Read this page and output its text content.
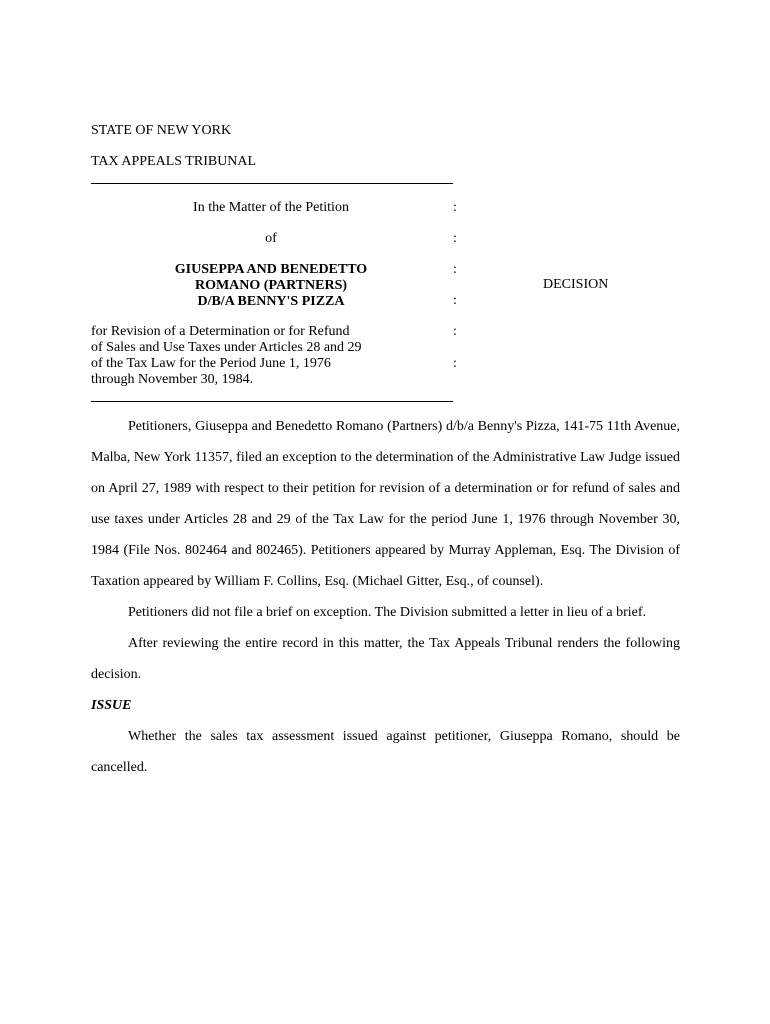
STATE OF NEW YORK
TAX APPEALS TRIBUNAL
In the Matter of the Petition
of
GIUSEPPA AND BENEDETTO
ROMANO (PARTNERS)
D/B/A BENNY'S PIZZA
for Revision of a Determination or for Refund
of Sales and Use Taxes under Articles 28 and 29
of the Tax Law for the Period June 1, 1976
through November 30, 1984.
:
:
:
:
:
:
DECISION

Petitioners, Giuseppa and Benedetto Romano (Partners) d/b/a Benny's Pizza, 141-75 11th Avenue, Malba, New York 11357, filed an exception to the determination of the Administrative Law Judge issued on April 27, 1989 with respect to their petition for revision of a determination or for refund of sales and use taxes under Articles 28 and 29 of the Tax Law for the period June 1, 1976 through November 30, 1984 (File Nos. 802464 and 802465). Petitioners appeared by Murray Appleman, Esq. The Division of Taxation appeared by William F. Collins, Esq. (Michael Gitter, Esq., of counsel).

Petitioners did not file a brief on exception. The Division submitted a letter in lieu of a brief.

After reviewing the entire record in this matter, the Tax Appeals Tribunal renders the following decision.

ISSUE

Whether the sales tax assessment issued against petitioner, Giuseppa Romano, should be cancelled.
